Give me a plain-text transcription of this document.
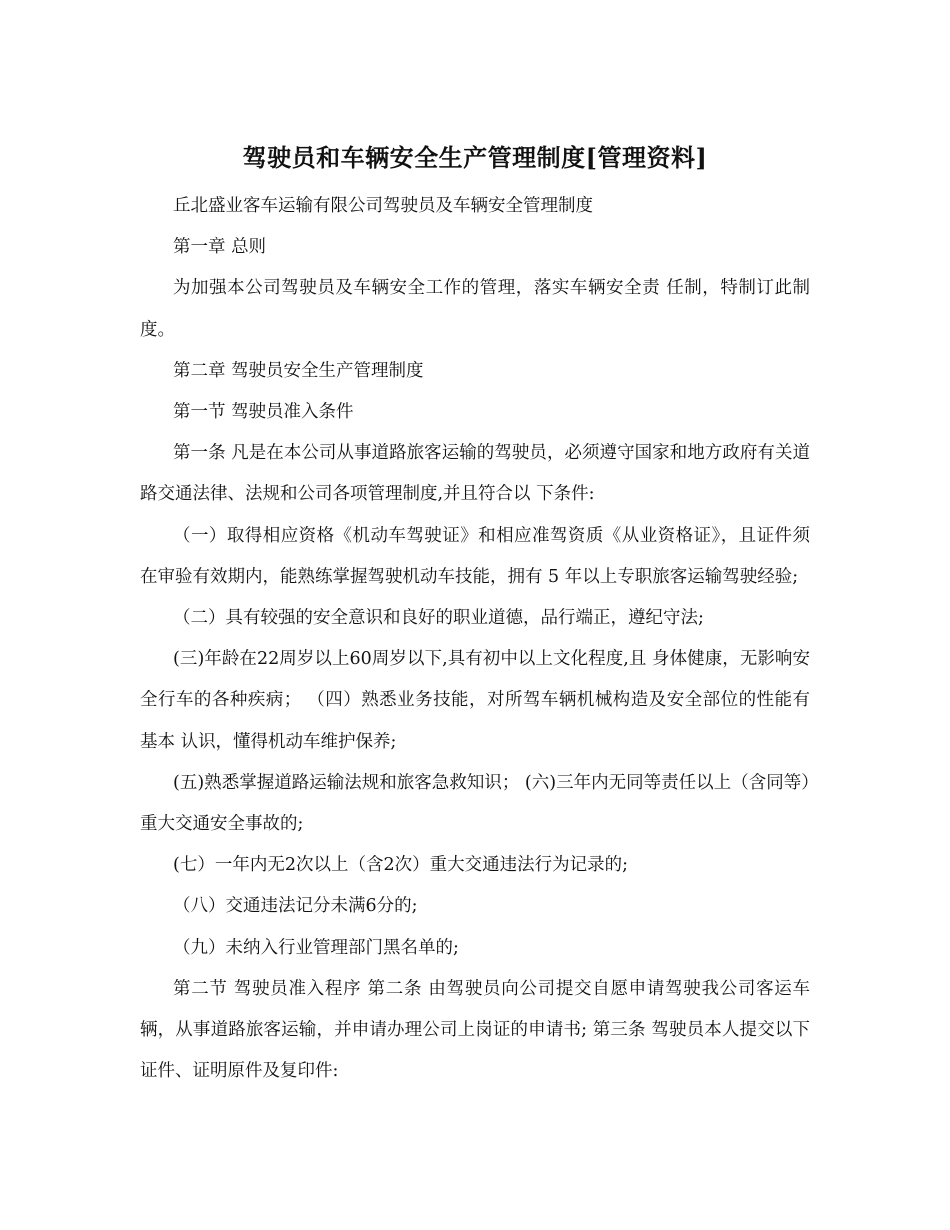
驾驶员和车辆安全生产管理制度[管理资料]

丘北盛业客车运输有限公司驾驶员及车辆安全管理制度

第一章 总则

为加强本公司驾驶员及车辆安全工作的管理，落实车辆安全责 任制，特制订此制度。

第二章 驾驶员安全生产管理制度

第一节 驾驶员准入条件

第一条 凡是在本公司从事道路旅客运输的驾驶员，必须遵守国家和地方政府有关道路交通法律、法规和公司各项管理制度,并且符合以 下条件:

（一）取得相应资格《机动车驾驶证》和相应准驾资质《从业资格证》，且证件须在审验有效期内，能熟练掌握驾驶机动车技能，拥有 5 年以上专职旅客运输驾驶经验;

（二）具有较强的安全意识和良好的职业道德，品行端正，遵纪守法;

(三)年龄在22周岁以上60周岁以下,具有初中以上文化程度,且 身体健康，无影响安全行车的各种疾病； （四）熟悉业务技能，对所驾车辆机械构造及安全部位的性能有基本 认识，懂得机动车维护保养;

(五)熟悉掌握道路运输法规和旅客急救知识； (六)三年内无同等责任以上（含同等）重大交通安全事故的;

(七）一年内无2次以上（含2次）重大交通违法行为记录的;

（八）交通违法记分未满6分的;

（九）未纳入行业管理部门黑名单的;

第二节 驾驶员准入程序 第二条 由驾驶员向公司提交自愿申请驾驶我公司客运车辆，从事道路旅客运输，并申请办理公司上岗证的申请书; 第三条 驾驶员本人提交以下证件、证明原件及复印件:
